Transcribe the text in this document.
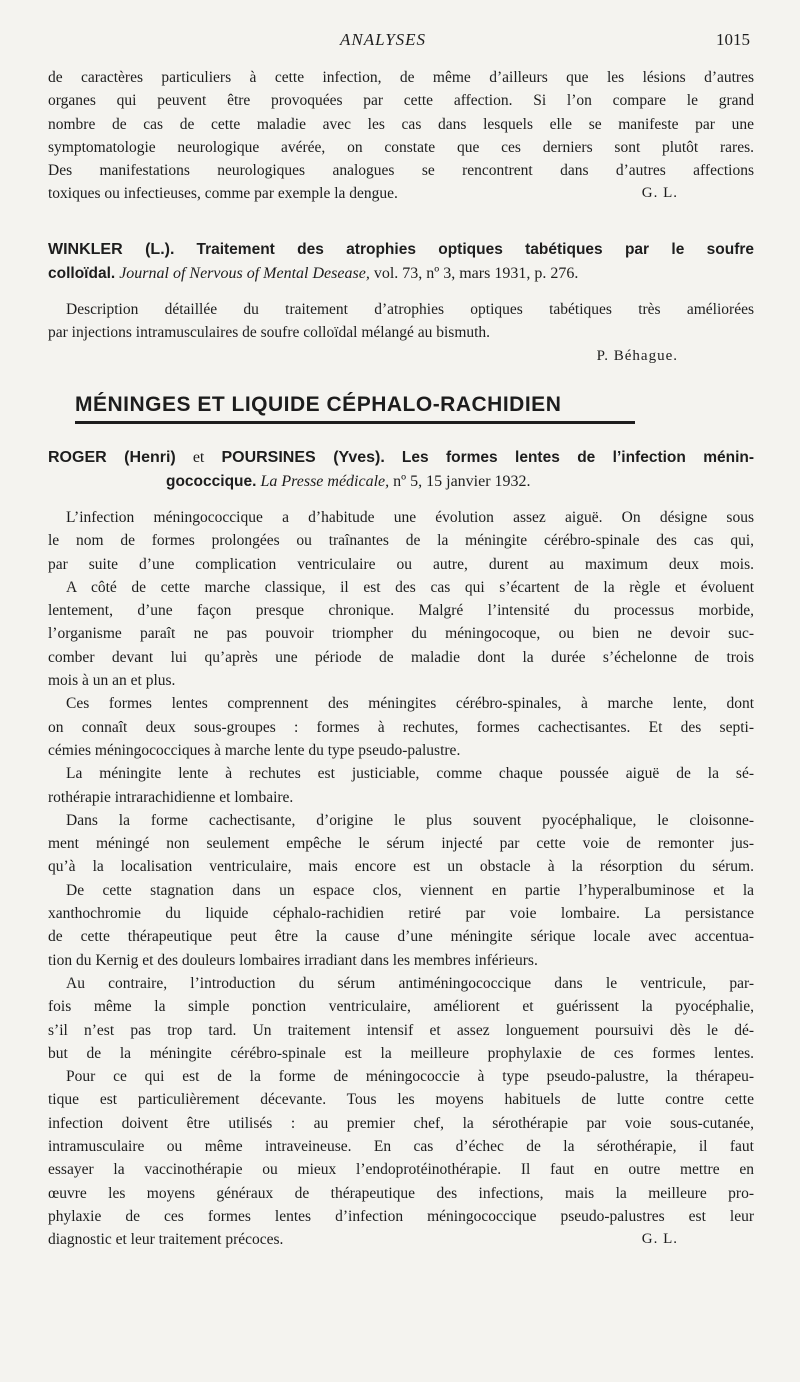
ANALYSES	1015
de caractères particuliers à cette infection, de même d’ailleurs que les lésions d’autres
organes qui peuvent être provoquées par cette affection. Si l’on compare le grand
nombre de cas de cette maladie avec les cas dans lesquels elle se manifeste par une
symptomatologie neurologique avérée, on constate que ces derniers sont plutôt rares.
Des manifestations neurologiques analogues se rencontrent dans d’autres affections
toxiques ou infectieuses, comme par exemple la dengue.	G. L.
WINKLER (L.). Traitement des atrophies optiques tabétiques par le soufre
colloïdal. Journal of Nervous of Mental Desease, vol. 73, nº 3, mars 1931, p. 276.
Description détaillée du traitement d’atrophies optiques tabétiques très améliorées
par injections intramusculaires de soufre colloïdal mélangé au bismuth.
P. Béhague.
MÉNINGES ET LIQUIDE CÉPHALO-RACHIDIEN
ROGER (Henri) et POURSINES (Yves). Les formes lentes de l’infection ménin-
gococcique. La Presse médicale, nº 5, 15 janvier 1932.
L’infection méningococcique a d’habitude une évolution assez aiguë. On désigne sous
le nom de formes prolongées ou traînantes de la méningite cérébro-spinale des cas qui,
par suite d’une complication ventriculaire ou autre, durent au maximum deux mois.
A côté de cette marche classique, il est des cas qui s’écartent de la règle et évoluent
lentement, d’une façon presque chronique. Malgré l’intensité du processus morbide,
l’organisme paraît ne pas pouvoir triompher du méningocoque, ou bien ne devoir suc-
comber devant lui qu’après une période de maladie dont la durée s’échelonne de trois
mois à un an et plus.
Ces formes lentes comprennent des méningites cérébro-spinales, à marche lente, dont
on connaît deux sous-groupes : formes à rechutes, formes cachectisantes. Et des septi-
cémies méningococciques à marche lente du type pseudo-palustre.
La méningite lente à rechutes est justiciable, comme chaque poussée aiguë de la sé-
rothérapie intrarachidienne et lombaire.
Dans la forme cachectisante, d’origine le plus souvent pyocéphalique, le cloisonne-
ment méningé non seulement empêche le sérum injecté par cette voie de remonter jus-
qu’à la localisation ventriculaire, mais encore est un obstacle à la résorption du sérum.
De cette stagnation dans un espace clos, viennent en partie l’hyperalbuminose et la
xanthochromie du liquide céphalo-rachidien retiré par voie lombaire. La persistance
de cette thérapeutique peut être la cause d’une méningite sérique locale avec accentua-
tion du Kernig et des douleurs lombaires irradiant dans les membres inférieurs.
Au contraire, l’introduction du sérum antiméningococcique dans le ventricule, par-
fois même la simple ponction ventriculaire, améliorent et guérissent la pyocéphalie,
s’il n’est pas trop tard. Un traitement intensif et assez longuement poursuivi dès le dé-
but de la méningite cérébro-spinale est la meilleure prophylaxie de ces formes lentes.
Pour ce qui est de la forme de méningococcie à type pseudo-palustre, la thérapeu-
tique est particulièrement décevante. Tous les moyens habituels de lutte contre cette
infection doivent être utilisés : au premier chef, la sérothérapie par voie sous-cutanée,
intramusculaire ou même intraveineuse. En cas d’échec de la sérothérapie, il faut
essayer la vaccinothérapie ou mieux l’endoprotéinothérapie. Il faut en outre mettre en
œuvre les moyens généraux de thérapeutique des infections, mais la meilleure pro-
phylaxie de ces formes lentes d’infection méningococcique pseudo-palustres est leur
diagnostic et leur traitement précoces.	G. L.
